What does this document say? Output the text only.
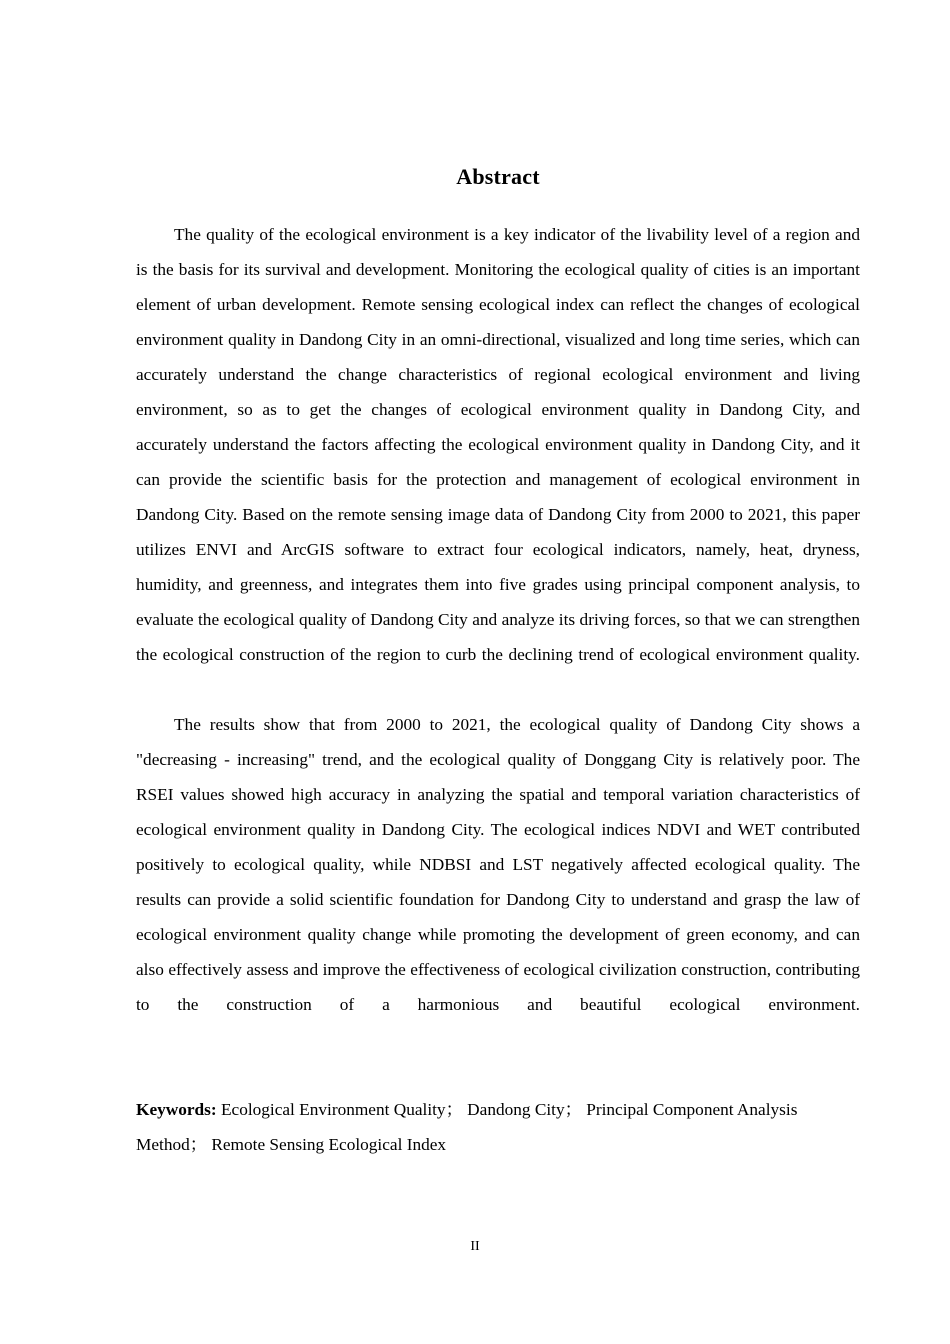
Abstract

The quality of the ecological environment is a key indicator of the livability level of a region and is the basis for its survival and development. Monitoring the ecological quality of cities is an important element of urban development. Remote sensing ecological index can reflect the changes of ecological environment quality in Dandong City in an omni-directional, visualized and long time series, which can accurately understand the change characteristics of regional ecological environment and living environment, so as to get the changes of ecological environment quality in Dandong City, and accurately understand the factors affecting the ecological environment quality in Dandong City, and it can provide the scientific basis for the protection and management of ecological environment in Dandong City. Based on the remote sensing image data of Dandong City from 2000 to 2021, this paper utilizes ENVI and ArcGIS software to extract four ecological indicators, namely, heat, dryness, humidity, and greenness, and integrates them into five grades using principal component analysis, to evaluate the ecological quality of Dandong City and analyze its driving forces, so that we can strengthen the ecological construction of the region to curb the declining trend of ecological environment quality.

The results show that from 2000 to 2021, the ecological quality of Dandong City shows a "decreasing - increasing" trend, and the ecological quality of Donggang City is relatively poor. The RSEI values showed high accuracy in analyzing the spatial and temporal variation characteristics of ecological environment quality in Dandong City. The ecological indices NDVI and WET contributed positively to ecological quality, while NDBSI and LST negatively affected ecological quality. The results can provide a solid scientific foundation for Dandong City to understand and grasp the law of ecological environment quality change while promoting the development of green economy, and can also effectively assess and improve the effectiveness of ecological civilization construction, contributing to the construction of a harmonious and beautiful ecological environment.

Keywords: Ecological Environment Quality； Dandong City； Principal Component Analysis Method； Remote Sensing Ecological Index
II
